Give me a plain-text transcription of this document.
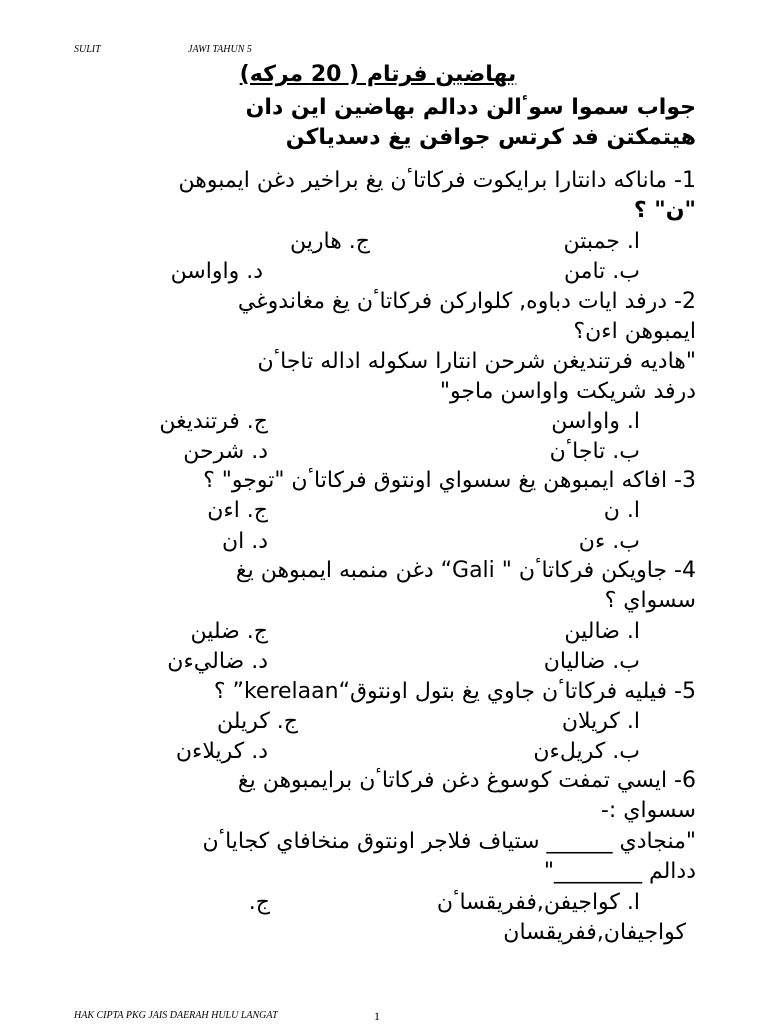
SULIT	JAWI TAHUN 5
بهاضين فرتام ( 20 مركه)
جواب سموا سوٴالن ددالم بهاضين اين دان
هيتمكتن فد كرتس جوافن يغ دسدياكن
1- ماناكه دانتارا برايكوت فركاتاٴن يغ براخير دغن ايمبوهن
"ن" ؟
ا. جمبتن
ج. هارين
ب. تامن
د. واواسن
2- درفد ايات دباوه, كلواركن فركاتاٴن يغ مغاندوغي
ايمبوهن اءن؟
"هاديه فرتنديغن شرحن انتارا سكوله اداله تاجاٴن
درفد شريكت واواسن ماجو"
ا. واواسن
ج. فرتنديغن
ب. تاجاٴن
د. شرحن
3- افاكه ايمبوهن يغ سسواي اونتوق فركاتاٴن "توجو" ؟
ا. ن
ج. اءن
ب. ءن
د. ان
4- جاويكن فركاتاٴن " Gali“ دغن منمبه ايمبوهن يغ
سسواي ؟
ا. ضالين
ج. ضلين
ب. ضاليان
د. ضاليءن
5- فيليه فركاتاٴن جاوي يغ بتول اونتوق“kerelaan” ؟
ا. كريلان
ج. كريلن
ب. كريلءن
د. كريلاءن
6- ايسي تمفت كوسوغ دغن فركاتاٴن برايمبوهن يغ
سسواي :-
"منجادي ______ ستياف فلاجر اونتوق منخافاي كجاياٴن
ددالم ________"
ا. كواجيفن,ففريقساٴن
ج.
كواجيفان,ففريقسان
HAK CIPTA PKG JAIS DAERAH HULU LANGAT	1
